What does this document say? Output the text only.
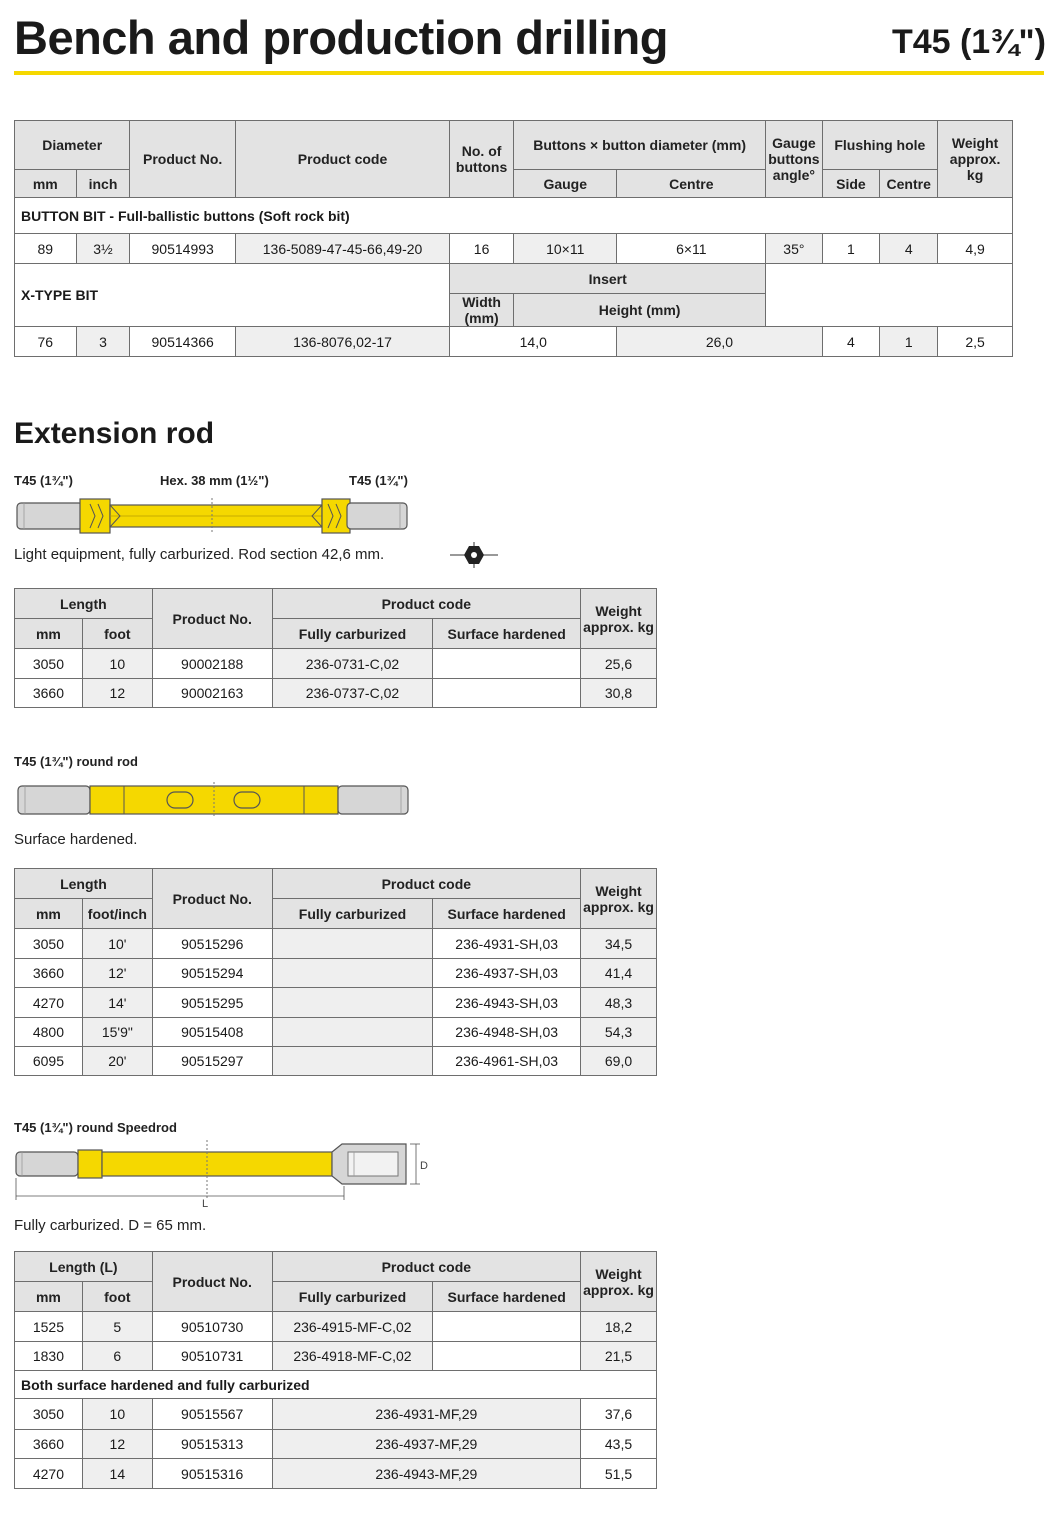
Bench and production drilling	T45 (1¾")
Diameter		Product No.	Product code	No. of buttons	Buttons × button diameter (mm)		Gauge buttons angle°	Flushing hole		Weight approx. kg
mm	inch				Gauge	Centre		Side	Centre	
BUTTON BIT - Full-ballistic buttons (Soft rock bit)										
89	3½	90514993	136-5089-47-45-66,49-20	16	10×11	6×11	35°	1	4	4,9
X-TYPE BIT				Insert						
				Width (mm)	Height (mm)					
76	3	90514366	136-8076,02-17	14,0		26,0		4	1	2,5
Extension rod
T45 (1¾")	Hex. 38 mm (1½")	T45 (1¾")
Light equipment, fully carburized. Rod section 42,6 mm.
Length		Product No.	Product code		Weight approx. kg
mm	foot		Fully carburized	Surface hardened	
3050	10	90002188	236-0731-C,02		25,6
3660	12	90002163	236-0737-C,02		30,8
T45 (1¾") round rod
Surface hardened.
Length		Product No.	Product code		Weight approx. kg
mm	foot/inch		Fully carburized	Surface hardened	
3050	10'	90515296		236-4931-SH,03	34,5
3660	12'	90515294		236-4937-SH,03	41,4
4270	14'	90515295		236-4943-SH,03	48,3
4800	15'9"	90515408		236-4948-SH,03	54,3
6095	20'	90515297		236-4961-SH,03	69,0
T45 (1¾") round Speedrod
D
L
Fully carburized. D = 65 mm.
Length (L)		Product No.	Product code		Weight approx. kg
mm	foot		Fully carburized	Surface hardened	
1525	5	90510730	236-4915-MF-C,02		18,2
1830	6	90510731	236-4918-MF-C,02		21,5
Both surface hardened and fully carburized					
3050	10	90515567	236-4931-MF,29		37,6
3660	12	90515313	236-4937-MF,29		43,5
4270	14	90515316	236-4943-MF,29		51,5
